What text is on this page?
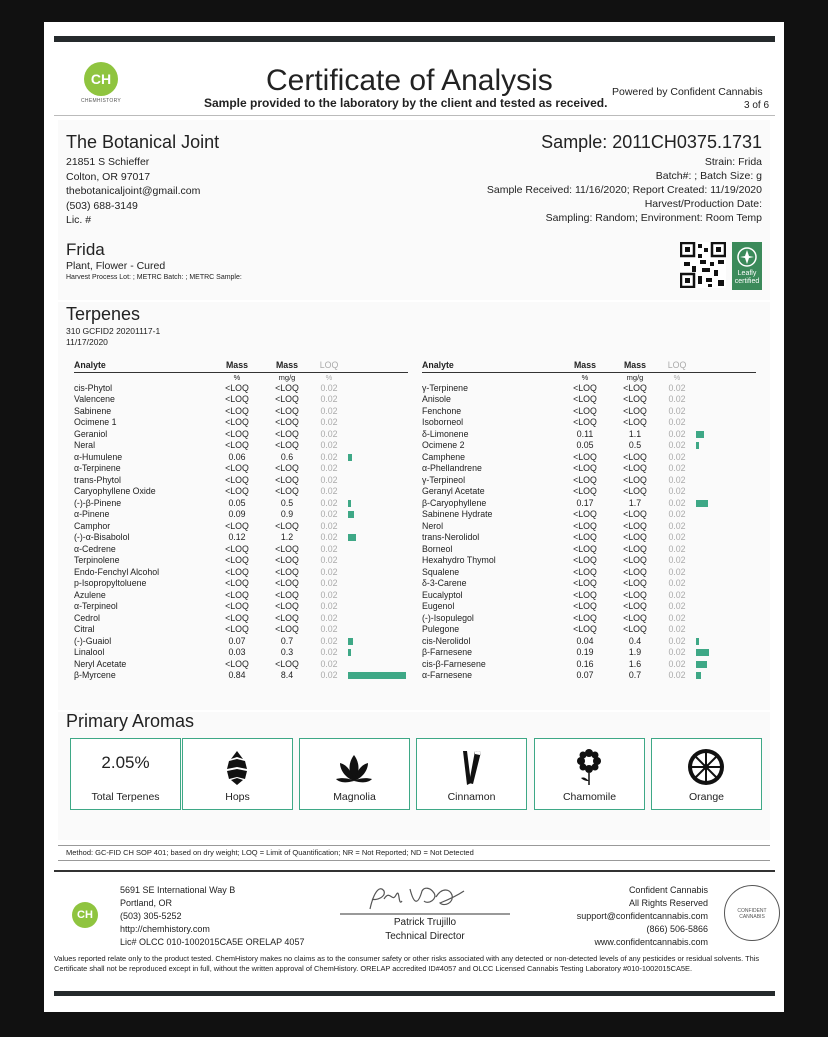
CH
CHEMHISTORY
Certificate of Analysis
Sample provided to the laboratory by the client and tested as received.
Powered by Confident Cannabis
3 of 6
The Botanical Joint
21851 S Schieffer
Colton, OR 97017
thebotanicaljoint@gmail.com
(503) 688-3149
Lic. #
Sample: 2011CH0375.1731
Strain: Frida
Batch#: ; Batch Size: g
Sample Received: 11/16/2020; Report Created: 11/19/2020
Harvest/Production Date:
Sampling: Random; Environment: Room Temp
Frida
Plant, Flower - Cured
Harvest Process Lot: ; METRC Batch: ; METRC Sample:
Leafly certified
Terpenes
310 GCFID2 20201117-1
11/17/2020
Analyte	Mass	Mass	LOQ	
	%	mg/g	%	
cis-Phytol	<LOQ	<LOQ	0.02	
Valencene	<LOQ	<LOQ	0.02	
Sabinene	<LOQ	<LOQ	0.02	
Ocimene 1	<LOQ	<LOQ	0.02	
Geraniol	<LOQ	<LOQ	0.02	
Neral	<LOQ	<LOQ	0.02	
α-Humulene	0.06	0.6	0.02	

α-Terpinene	<LOQ	<LOQ	0.02	
trans-Phytol	<LOQ	<LOQ	0.02	
Caryophyllene Oxide	<LOQ	<LOQ	0.02	
(-)-β-Pinene	0.05	0.5	0.02	

α-Pinene	0.09	0.9	0.02	

Camphor	<LOQ	<LOQ	0.02	
(-)-α-Bisabolol	0.12	1.2	0.02	

α-Cedrene	<LOQ	<LOQ	0.02	
Terpinolene	<LOQ	<LOQ	0.02	
Endo-Fenchyl Alcohol	<LOQ	<LOQ	0.02	
p-Isopropyltoluene	<LOQ	<LOQ	0.02	
Azulene	<LOQ	<LOQ	0.02	
α-Terpineol	<LOQ	<LOQ	0.02	
Cedrol	<LOQ	<LOQ	0.02	
Citral	<LOQ	<LOQ	0.02	
(-)-Guaiol	0.07	0.7	0.02	

Linalool	0.03	0.3	0.02	

Neryl Acetate	<LOQ	<LOQ	0.02	
β-Myrcene	0.84	8.4	0.02	
Analyte	Mass	Mass	LOQ	
	%	mg/g	%	
γ-Terpinene	<LOQ	<LOQ	0.02	
Anisole	<LOQ	<LOQ	0.02	
Fenchone	<LOQ	<LOQ	0.02	
Isoborneol	<LOQ	<LOQ	0.02	
δ-Limonene	0.11	1.1	0.02	

Ocimene 2	0.05	0.5	0.02	

Camphene	<LOQ	<LOQ	0.02	
α-Phellandrene	<LOQ	<LOQ	0.02	
γ-Terpineol	<LOQ	<LOQ	0.02	
Geranyl Acetate	<LOQ	<LOQ	0.02	
β-Caryophyllene	0.17	1.7	0.02	

Sabinene Hydrate	<LOQ	<LOQ	0.02	
Nerol	<LOQ	<LOQ	0.02	
trans-Nerolidol	<LOQ	<LOQ	0.02	
Borneol	<LOQ	<LOQ	0.02	
Hexahydro Thymol	<LOQ	<LOQ	0.02	
Squalene	<LOQ	<LOQ	0.02	
δ-3-Carene	<LOQ	<LOQ	0.02	
Eucalyptol	<LOQ	<LOQ	0.02	
Eugenol	<LOQ	<LOQ	0.02	
(-)-Isopulegol	<LOQ	<LOQ	0.02	
Pulegone	<LOQ	<LOQ	0.02	
cis-Nerolidol	0.04	0.4	0.02	

β-Farnesene	0.19	1.9	0.02	

cis-β-Farnesene	0.16	1.6	0.02	

α-Farnesene	0.07	0.7	0.02	
Primary Aromas
2.05%
Total Terpenes	Hops	Magnolia	Cinnamon	Chamomile	Orange
Method: GC-FID CH SOP 401; based on dry weight; LOQ = Limit of Quantification; NR = Not Reported; ND = Not Detected
CH
5691 SE International Way B
Portland, OR
(503) 305-5252
http://chemhistory.com
Lic# OLCC 010-1002015CA5E ORELAP 4057
Patrick Trujillo
Technical Director
Confident Cannabis
All Rights Reserved
support@confidentcannabis.com
(866) 506-5866
www.confidentcannabis.com
CONFIDENT CANNABIS
Values reported relate only to the product tested. ChemHistory makes no claims as to the consumer safety or other risks associated with any detected or non-detected levels of any pesticides or residual solvents. This Certificate shall not be reproduced except in full, without the written approval of ChemHistory. ORELAP accredited ID#4057 and OLCC Licensed Cannabis Testing Laboratory #010-1002015CA5E.
